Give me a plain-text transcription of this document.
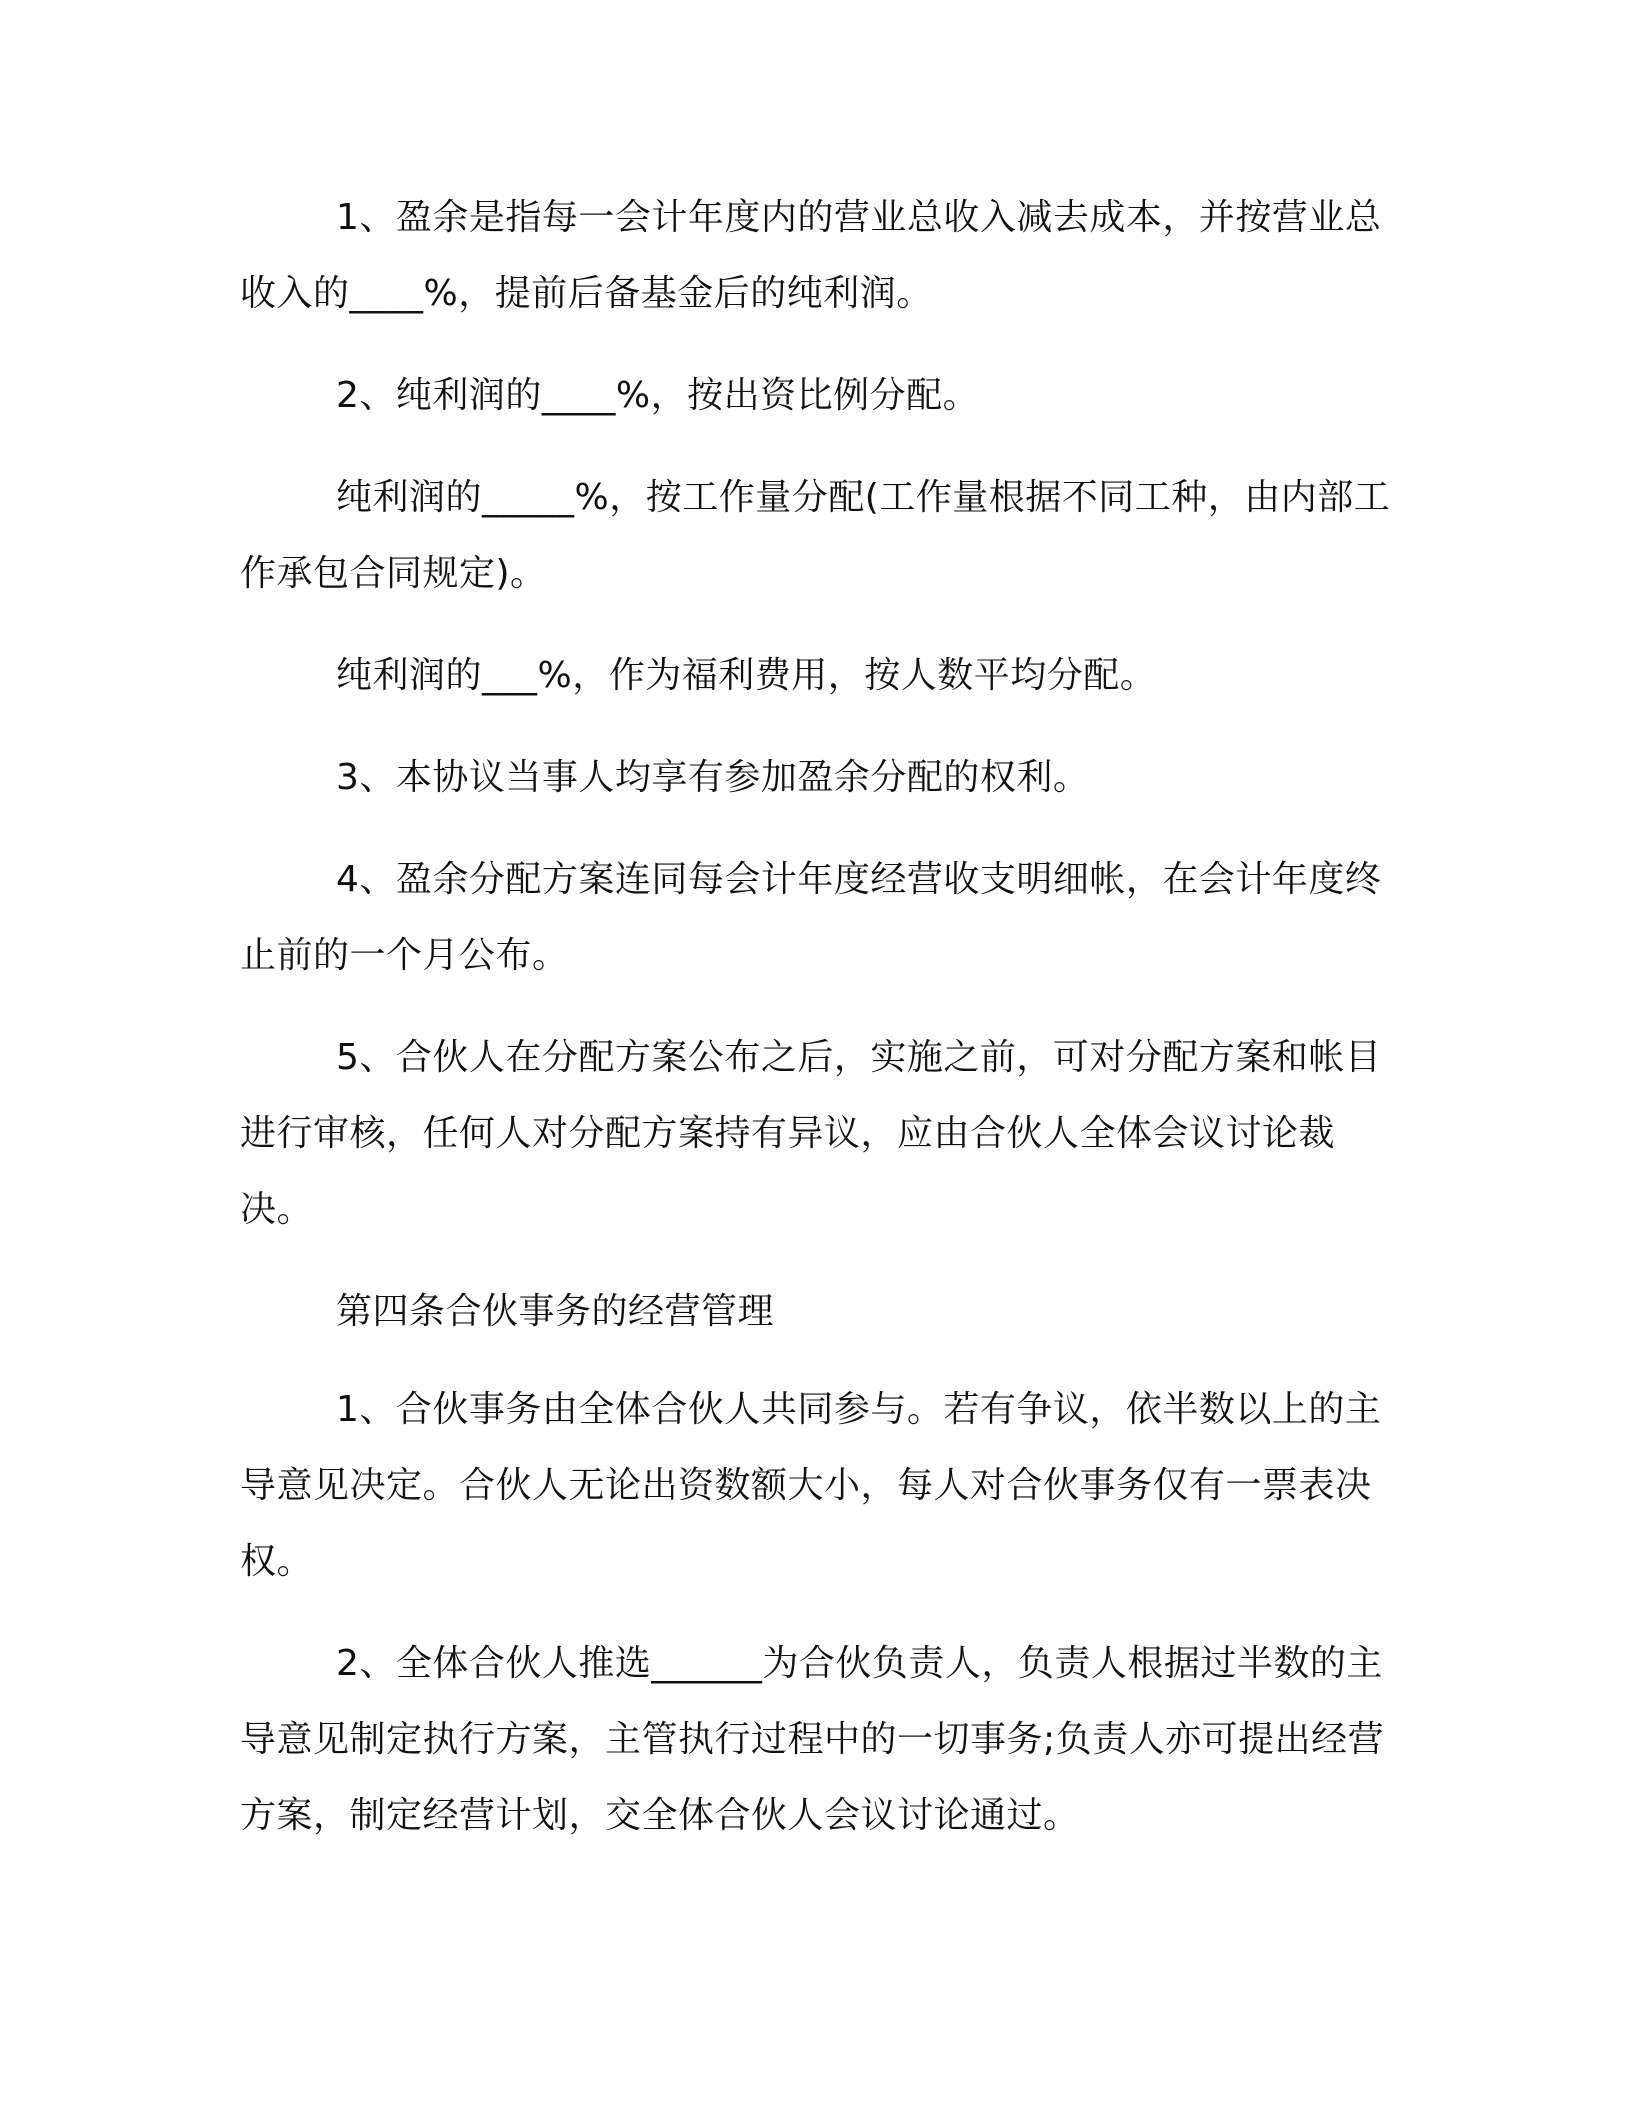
1、盈余是指每一会计年度内的营业总收入减去成本，并按营业总收入的____%，提前后备基金后的纯利润。

2、纯利润的____%，按出资比例分配。

纯利润的_____%，按工作量分配(工作量根据不同工种，由内部工作承包合同规定)。

纯利润的___%，作为福利费用，按人数平均分配。

3、本协议当事人均享有参加盈余分配的权利。

4、盈余分配方案连同每会计年度经营收支明细帐，在会计年度终止前的一个月公布。

5、合伙人在分配方案公布之后，实施之前，可对分配方案和帐目进行审核，任何人对分配方案持有异议，应由合伙人全体会议讨论裁决。

第四条合伙事务的经营管理

1、合伙事务由全体合伙人共同参与。若有争议，依半数以上的主导意见决定。合伙人无论出资数额大小，每人对合伙事务仅有一票表决权。

2、全体合伙人推选______为合伙负责人，负责人根据过半数的主导意见制定执行方案，主管执行过程中的一切事务;负责人亦可提出经营方案，制定经营计划，交全体合伙人会议讨论通过。
